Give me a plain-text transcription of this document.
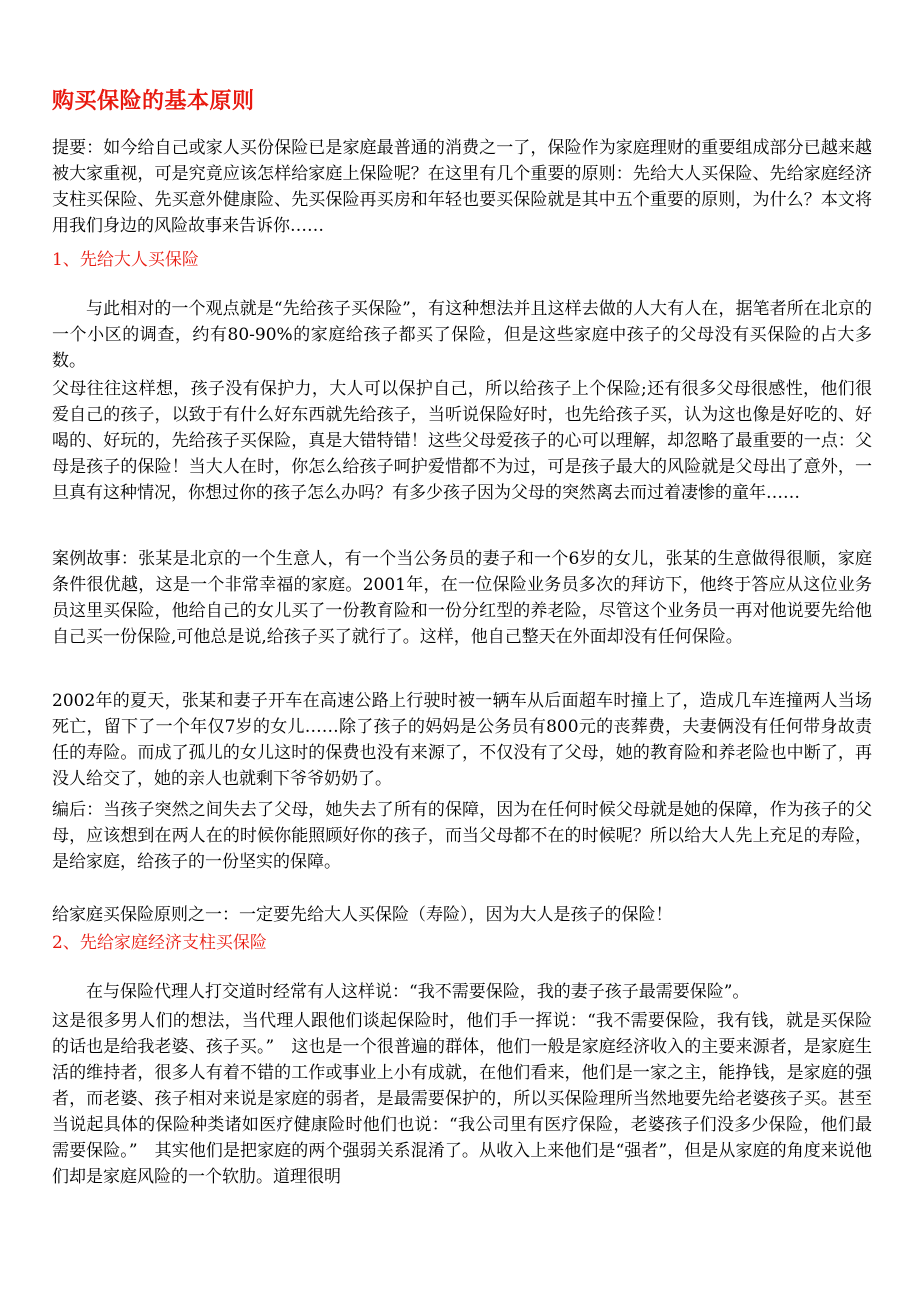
购买保险的基本原则

提要：如今给自己或家人买份保险已是家庭最普通的消费之一了，保险作为家庭理财的重要组成部分已越来越被大家重视，可是究竟应该怎样给家庭上保险呢？在这里有几个重要的原则：先给大人买保险、先给家庭经济支柱买保险、先买意外健康险、先买保险再买房和年轻也要买保险就是其中五个重要的原则，为什么？本文将用我们身边的风险故事来告诉你……

1、先给大人买保险

与此相对的一个观点就是“先给孩子买保险”，有这种想法并且这样去做的人大有人在，据笔者所在北京的一个小区的调查，约有80-90%的家庭给孩子都买了保险，但是这些家庭中孩子的父母没有买保险的占大多数。

父母往往这样想，孩子没有保护力，大人可以保护自己，所以给孩子上个保险;还有很多父母很感性，他们很爱自己的孩子，以致于有什么好东西就先给孩子，当听说保险好时，也先给孩子买，认为这也像是好吃的、好喝的、好玩的，先给孩子买保险，真是大错特错！这些父母爱孩子的心可以理解，却忽略了最重要的一点：父母是孩子的保险！当大人在时，你怎么给孩子呵护爱惜都不为过，可是孩子最大的风险就是父母出了意外，一旦真有这种情况，你想过你的孩子怎么办吗？有多少孩子因为父母的突然离去而过着凄惨的童年……

案例故事：张某是北京的一个生意人，有一个当公务员的妻子和一个6岁的女儿，张某的生意做得很顺，家庭条件很优越，这是一个非常幸福的家庭。2001年，在一位保险业务员多次的拜访下，他终于答应从这位业务员这里买保险，他给自己的女儿买了一份教育险和一份分红型的养老险，尽管这个业务员一再对他说要先给他自己买一份保险,可他总是说,给孩子买了就行了。这样，他自己整天在外面却没有任何保险。

2002年的夏天，张某和妻子开车在高速公路上行驶时被一辆车从后面超车时撞上了，造成几车连撞两人当场死亡，留下了一个年仅7岁的女儿……除了孩子的妈妈是公务员有800元的丧葬费，夫妻俩没有任何带身故责任的寿险。而成了孤儿的女儿这时的保费也没有来源了，不仅没有了父母，她的教育险和养老险也中断了，再没人给交了，她的亲人也就剩下爷爷奶奶了。

编后：当孩子突然之间失去了父母，她失去了所有的保障，因为在任何时候父母就是她的保障，作为孩子的父母，应该想到在两人在的时候你能照顾好你的孩子，而当父母都不在的时候呢？所以给大人先上充足的寿险，是给家庭，给孩子的一份坚实的保障。

给家庭买保险原则之一：一定要先给大人买保险（寿险），因为大人是孩子的保险！

2、先给家庭经济支柱买保险

在与保险代理人打交道时经常有人这样说：“我不需要保险，我的妻子孩子最需要保险”。

这是很多男人们的想法，当代理人跟他们谈起保险时，他们手一挥说：“我不需要保险，我有钱，就是买保险的话也是给我老婆、孩子买。”　这也是一个很普遍的群体，他们一般是家庭经济收入的主要来源者，是家庭生活的维持者，很多人有着不错的工作或事业上小有成就，在他们看来，他们是一家之主，能挣钱，是家庭的强者，而老婆、孩子相对来说是家庭的弱者，是最需要保护的，所以买保险理所当然地要先给老婆孩子买。甚至当说起具体的保险种类诸如医疗健康险时他们也说：“我公司里有医疗保险，老婆孩子们没多少保险，他们最需要保险。”　其实他们是把家庭的两个强弱关系混淆了。从收入上来他们是“强者”，但是从家庭的角度来说他们却是家庭风险的一个软肋。道理很明
